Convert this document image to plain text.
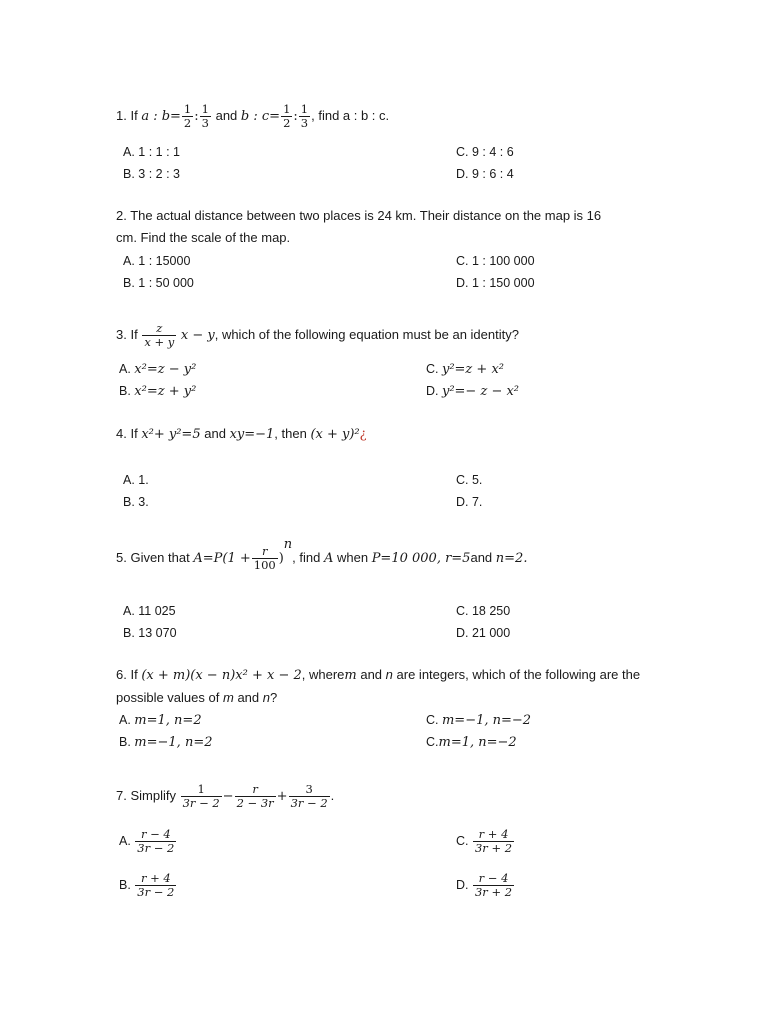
1. If a : $b= \frac{1}{2}$ : $\frac{1}{3}$ and b : $c= \frac{1}{2}$ : $\frac{1}{3}$ , find a : b : c.
A. 1 : 1 : 1	C. 9 : 4 : 6
B. 3 : 2 : 3	D. 9 : 6 : 4
2. The actual distance between two places is 24 km. Their distance on the map is 16
cm. Find the scale of the map.
A. 1 : 15000	C. 1 : 100 000
B. 1 : 50 000	D. 1 : 150 000
3. If $\frac{z}{x + y}$ x − y, which of the following equation must be an identity?
A. x²=z − y²	C. y²=z + x²
B. x²=z + y²	D. y²=− z − x²
4. If x²+ y²=5 and xy=−1, then (x + y)²¿
A. 1.	C. 5.
B. 3.	D. 7.
5. Given that $A=P(1 + \frac{r}{100} )^n$, find A when P=10 000, r=5and n=2.
A. 11 025	C. 18 250
B. 13 070	D. 21 000
6. If (x + m)(x − n)x² + x − 2, wherem and n are integers, which of the following are the
possible values of m and n?
A. m=1, n=2	C. m=−1, n=−2
B. m=−1, n=2	C.m=1, n=−2
7. Simplify $\frac{1}{3r - 2} - \frac{r}{2 - 3r} + \frac{3}{3r - 2}$ .
A. $\frac{r - 4}{3r - 2}$	C. $\frac{r + 4}{3r + 2}$
B. $\frac{r + 4}{3r - 2}$	D. $\frac{r - 4}{3r + 2}$
